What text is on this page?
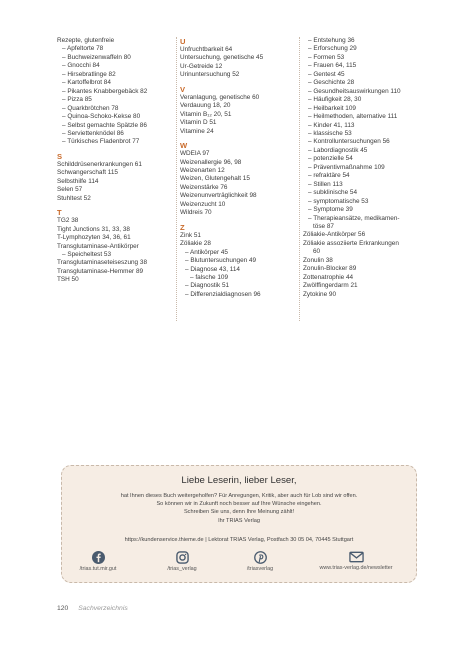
Rezepte, glutenfreie
– Apfeltorte 78
– Buchweizenwaffeln 80
– Gnocchi 84
– Hirsebratlinge 82
– Kartoffelbrot 84
– Pikantes Knabbergebäck 82
– Pizza 85
– Quarkbrötchen 78
– Quinoa-Schoko-Kekse 80
– Selbst gemachte Spätzle 86
– Serviettenknödel 86
– Türkisches Fladenbrot 77
S
Schilddrüsenerkrankungen 61
Schwangerschaft 115
Selbsthilfe 114
Selen 57
Stuhltest 52
T
TG2 38
Tight Junctions 31, 33, 38
T-Lymphozyten 34, 36, 61
Transglutaminase-Antikörper
– Speicheltest 53
Transglutaminaseteiseszung 38
Transglutaminase-Hemmer 89
TSH 50
U
Unfruchtbarkeit 64
Untersuchung, genetische 45
Ur-Getreide 12
Urinuntersuchung 52
V
Veranlagung, genetische 60
Verdauung 18, 20
Vitamin B₁₂ 20, 51
Vitamin D 51
Vitamine 24
W
WDEIA 97
Weizenallergie 96, 98
Weizenarten 12
Weizen, Glutengehalt 15
Weizenstärke 76
Weizenunverträglichkeit 98
Weizenzucht 10
Wildreis 70
Z
Zink 51
Zöliakie 28
– Antikörper 45
– Blutuntersuchungen 49
– Diagnose 43, 114
– falsche 109
– Diagnostik 51
– Differenzialdiagnosen 96
– Entstehung 36
– Erforschung 29
– Formen 53
– Frauen 64, 115
– Gentest 45
– Geschichte 28
– Gesundheitsauswirkungen 110
– Häufigkeit 28, 30
– Heilbarkeit 109
– Heilmethoden, alternative 111
– Kinder 41, 113
– klassische 53
– Kontrolluntersuchungen 56
– Labordiagnostik 45
– potenzielle 54
– Präventivmaßnahme 109
– refraktäre 54
– Stillen 113
– subklinische 54
– symptomatische 53
– Symptome 39
– Therapieansätze, medikamen-
töse 87
Zöliakie-Antikörper 56
Zöliakie assoziierte Erkrankungen
60
Zonulin 38
Zonulin-Blocker 89
Zottenatrophie 44
Zwölffingerdarm 21
Zytokine 90
Liebe Leserin, lieber Leser,
hat Ihnen dieses Buch weitergeholfen? Für Anregungen, Kritik, aber auch für Lob sind wir offen.
So können wir in Zukunft noch besser auf Ihre Wünsche eingehen.
Schreiben Sie uns, denn Ihre Meinung zählt!
Ihr TRIAS Verlag
https://kundenservice.thieme.de | Lektorat TRIAS Verlag, Postfach 30 05 04, 70445 Stuttgart
/trias.tut.mir.gut	/trias_verlag	/triasverlag	www.trias-verlag.de/newsletter
120 Sachverzeichnis
